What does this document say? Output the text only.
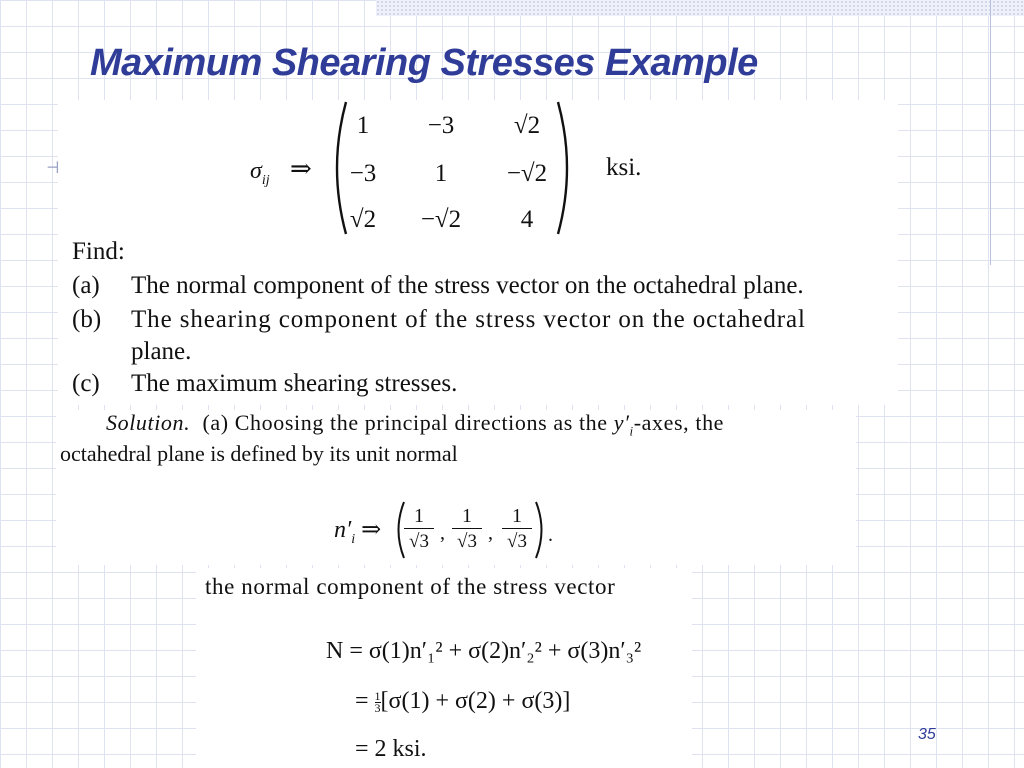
Maximum Shearing Stresses Example
⊣	$\sigma_{ij}$ ⇒
1	−3	√2
−3	1	−√2
√2	−√2	4
ksi.
Find:
(a) The normal component of the stress vector on the octahedral plane.
(b) The shearing component of the stress vector on the octahedral
plane.
(c) The maximum shearing stresses.
Solution. (a) Choosing the principal directions as the $y'_i$-axes, the
octahedral plane is defined by its unit normal
$n'_i$ ⇒ $\frac{1}{√3}$ , $\frac{1}{√3}$ , $\frac{1}{√3}$ .
the normal component of the stress vector
N = σ(1)n′₁² + σ(2)n′₂² + σ(3)n′₃²
= $\frac{1}{3} [\sigma(1) + \sigma(2) + \sigma(3)]$
= 2 ksi.
35
